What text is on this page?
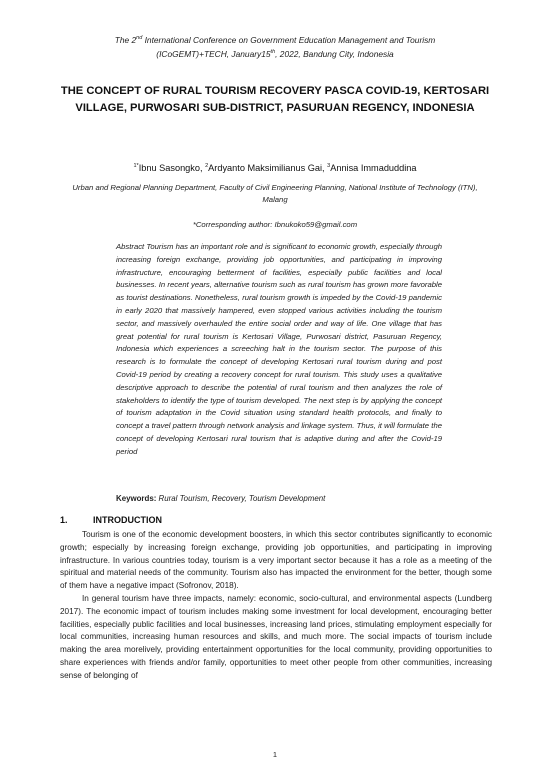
The 2nd International Conference on Government Education Management and Tourism
(ICoGEMT)+TECH, January15th, 2022, Bandung City, Indonesia
THE CONCEPT OF RURAL TOURISM RECOVERY PASCA COVID-19, KERTOSARI VILLAGE, PURWOSARI SUB-DISTRICT, PASURUAN REGENCY, INDONESIA
$^{1*}$Ibnu Sasongko, $^2$Ardyanto Maksimilianus Gai, $^3$Annisa Immaduddina
Urban and Regional Planning Department, Faculty of Civil Engineering Planning, National Institute of Technology (ITN), Malang
*Corresponding author: Ibnukoko59@gmail.com
Abstract Tourism has an important role and is significant to economic growth, especially through increasing foreign exchange, providing job opportunities, and participating in improving infrastructure, encouraging betterment of facilities, especially public facilities and local businesses. In recent years, alternative tourism such as rural tourism has grown more favorable as tourist destinations. Nonetheless, rural tourism growth is impeded by the Covid-19 pandemic in early 2020 that massively hampered, even stopped various activities including the tourism sector, and massively overhauled the entire social order and way of life. One village that has great potential for rural tourism is Kertosari Village, Purwosari district, Pasuruan Regency, Indonesia which experiences a screeching halt in the tourism sector. The purpose of this research is to formulate the concept of developing Kertosari rural tourism during and post Covid-19 period by creating a recovery concept for rural tourism. This study uses a qualitative descriptive approach to describe the potential of rural tourism and then analyzes the role of stakeholders to identify the type of tourism developed. The next step is by applying the concept of tourism adaptation in the Covid situation using standard health protocols, and finally to concept a travel pattern through network analysis and linkage system. Thus, it will formulate the concept of developing Kertosari rural tourism that is adaptive during and after the Covid-19 period
Keywords: Rural Tourism, Recovery, Tourism Development
1.	INTRODUCTION

Tourism is one of the economic development boosters, in which this sector contributes significantly to economic growth; especially by increasing foreign exchange, providing job opportunities, and participating in improving infrastructure. In various countries today, tourism is a very important sector because it has a role as a meeting of the spiritual and material needs of the community. Tourism also has impacted the environment for the better, though some of them have a negative impact (Sofronov, 2018).

In general tourism have three impacts, namely: economic, socio-cultural, and environmental aspects (Lundberg 2017). The economic impact of tourism includes making some investment for local development, encouraging better facilities, especially public facilities and local businesses, increasing land prices, stimulating employment especially for local communities, increasing human resources and skills, and much more. The social impacts of tourism include making the area morelively, providing entertainment opportunities for the local community, providing opportunities to share experiences with friends and/or family, opportunities to meet other people from other communities, increasing sense of belonging of

1
